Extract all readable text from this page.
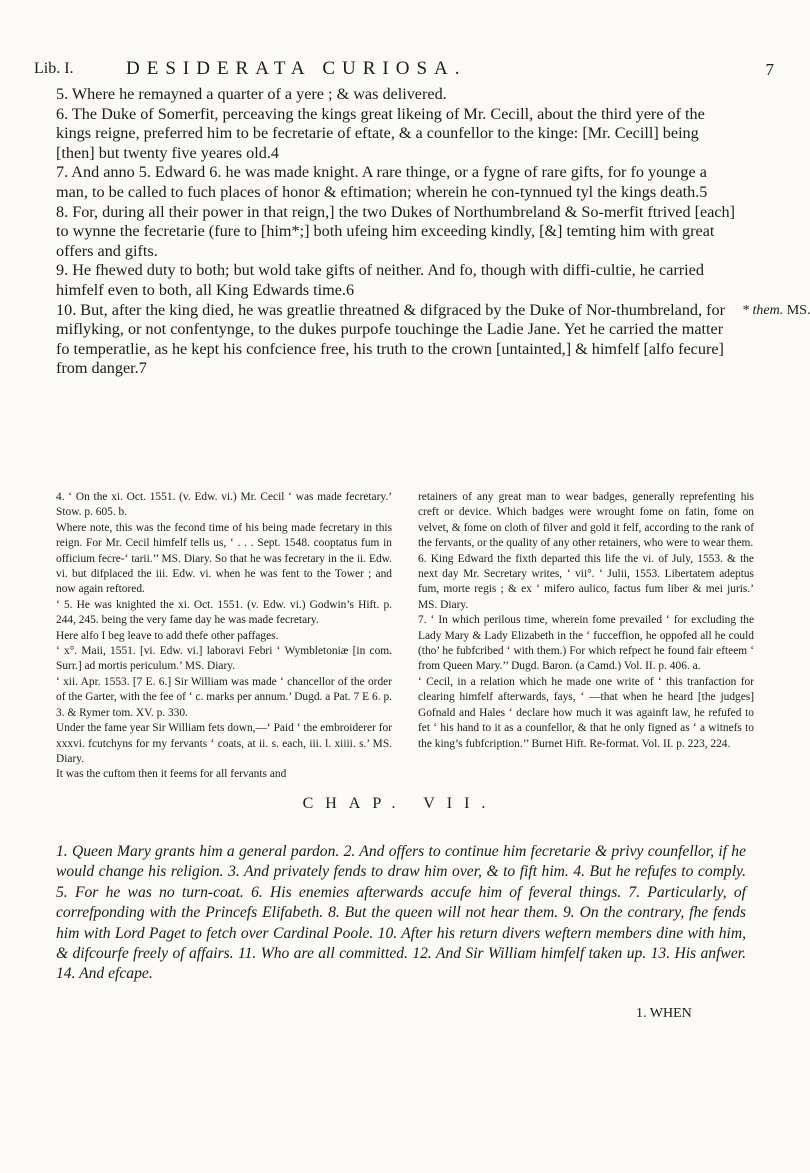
Lib. I.	DESIDERATA CURIOSA.	7

5. Where he remayned a quarter of a yere ; & was delivered.

6. The Duke of Somerfit, perceaving the kings great likeing of Mr. Cecill, about the third yere of the kings reigne, preferred him to be fecretarie of eftate, & a counfellor to the kinge: [Mr. Cecill] being [then] but twenty five yeares old.4

7. And anno 5. Edward 6. he was made knight. A rare thinge, or a fygne of rare gifts, for fo younge a man, to be called to fuch places of honor & eftimation; wherein he con-tynnued tyl the kings death.5

8. For, during all their power in that reign,] the two Dukes of Northumbreland & So-merfit ftrived [each] to wynne the fecretarie (fure to [him*;] both ufeing him exceeding kindly, [&] temting him with great offers and gifts.

9. He fhewed duty to both; but wold take gifts of neither. And fo, though with diffi-cultie, he carried himfelf even to both, all King Edwards time.6

10. But, after the king died, he was greatlie threatned & difgraced by the Duke of Nor-thumbreland, for miflyking, or not confentynge, to the dukes purpofe touchinge the Ladie Jane. Yet he carried the matter fo temperatlie, as he kept his confcience free, his truth to the crown [untainted,] & himfelf [alfo fecure] from danger.7

* them. MS.

4. ‘ On the xi. Oct. 1551. (v. Edw. vi.) Mr. Cecil ‘ was made fecretary.’ Stow. p. 605. b.

Where note, this was the fecond time of his being made fecretary in this reign. For Mr. Cecil himfelf tells us, ‘ . . . Sept. 1548. cooptatus fum in officium fecre-‘ tarii.’’ MS. Diary. So that he was fecretary in the ii. Edw. vi. but difplaced the iii. Edw. vi. when he was fent to the Tower ; and now again reftored.

‘ 5. He was knighted the xi. Oct. 1551. (v. Edw. vi.) Godwin’s Hift. p. 244, 245. being the very fame day he was made fecretary.

Here alfo I beg leave to add thefe other paffages.

‘ x°. Maii, 1551. [vi. Edw. vi.] laboravi Febri ‘ Wymbletoniæ [in com. Surr.] ad mortis periculum.’ MS. Diary.

‘ xii. Apr. 1553. [7 E. 6.] Sir William was made ‘ chancellor of the order of the Garter, with the fee of ‘ c. marks per annum.’ Dugd. a Pat. 7 E 6. p. 3. & Rymer tom. XV. p. 330.

Under the fame year Sir William fets down,—‘ Paid ‘ the embroiderer for xxxvi. fcutchyns for my fervants ‘ coats, at ii. s. each, iii. l. xiiii. s.’ MS. Diary.

It was the cuftom then it feems for all fervants and

retainers of any great man to wear badges, generally reprefenting his creft or device. Which badges were wrought fome on fatin, fome on velvet, & fome on cloth of filver and gold it felf, according to the rank of the fervants, or the quality of any other retainers, who were to wear them.

6. King Edward the fixth departed this life the vi. of July, 1553. & the next day Mr. Secretary writes, ‘ vii°. ‘ Julii, 1553. Libertatem adeptus fum, morte regis ; & ex ‘ mifero aulico, factus fum liber & mei juris.’ MS. Diary.

7. ‘ In which perilous time, wherein fome prevailed ‘ for excluding the Lady Mary & Lady Elizabeth in the ‘ fucceffion, he oppofed all he could (tho’ he fubfcribed ‘ with them.) For which refpect he found fair efteem ‘ from Queen Mary.’’ Dugd. Baron. (a Camd.) Vol. II. p. 406. a.

‘ Cecil, in a relation which he made one write of ‘ this tranfaction for clearing himfelf afterwards, fays, ‘ —that when he heard [the judges] Gofnald and Hales ‘ declare how much it was againft law, he refufed to fet ‘ his hand to it as a counfellor, & that he only figned as ‘ a witnefs to the king’s fubfcription.’’ Burnet Hift. Re-format. Vol. II. p. 223, 224.

CHAP. VII.
1. Queen Mary grants him a general pardon. 2. And offers to continue him fecretarie & privy counfellor, if he would change his religion. 3. And privately fends to draw him over, & to fift him. 4. But he refufes to comply. 5. For he was no turn-coat. 6. His enemies afterwards accufe him of feveral things. 7. Particularly, of correfponding with the Princefs Elifabeth. 8. But the queen will not hear them. 9. On the contrary, fhe fends him with Lord Paget to fetch over Cardinal Poole. 10. After his return divers weftern members dine with him, & difcourfe freely of affairs. 11. Who are all committed. 12. And Sir William himfelf taken up. 13. His anfwer. 14. And efcape.
1. WHEN
